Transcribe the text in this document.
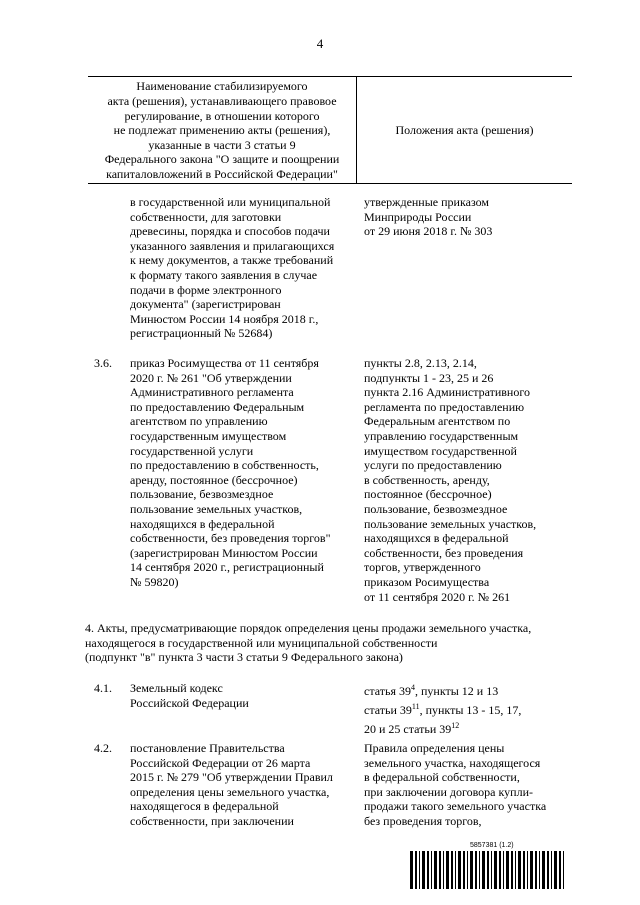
4
Наименование стабилизируемого
акта (решения), устанавливающего правовое
регулирование, в отношении которого
не подлежат применению акты (решения),
указанные в части 3 статьи 9
Федерального закона "О защите и поощрении
капиталовложений в Российской Федерации"
Положения акта (решения)
в государственной или муниципальной
собственности, для заготовки
древесины, порядка и способов подачи
указанного заявления и прилагающихся
к нему документов, а также требований
к формату такого заявления в случае
подачи в форме электронного
документа" (зарегистрирован
Минюстом России 14 ноября 2018 г.,
регистрационный № 52684)
утвержденные приказом
Минприроды России
от 29 июня 2018 г. № 303
3.6. приказ Росимущества от 11 сентября
2020 г. № 261 "Об утверждении
Административного регламента
по предоставлению Федеральным
агентством по управлению
государственным имуществом
государственной услуги
по предоставлению в собственность,
аренду, постоянное (бессрочное)
пользование, безвозмездное
пользование земельных участков,
находящихся в федеральной
собственности, без проведения торгов"
(зарегистрирован Минюстом России
14 сентября 2020 г., регистрационный
№ 59820)
пункты 2.8, 2.13, 2.14,
подпункты 1 - 23, 25 и 26
пункта 2.16 Административного
регламента по предоставлению
Федеральным агентством по
управлению государственным
имуществом государственной
услуги по предоставлению
в собственность, аренду,
постоянное (бессрочное)
пользование, безвозмездное
пользование земельных участков,
находящихся в федеральной
собственности, без проведения
торгов, утвержденного
приказом Росимущества
от 11 сентября 2020 г. № 261
4. Акты, предусматривающие порядок определения цены продажи земельного участка,
находящегося в государственной или муниципальной собственности
(подпункт "в" пункта 3 части 3 статьи 9 Федерального закона)
4.1. Земельный кодекс
Российской Федерации
статья $39^4$, пункты 12 и 13
статьи $39^{11}$, пункты 13 - 15, 17,
20 и 25 статьи $39^{12}$
4.2. постановление Правительства
Российской Федерации от 26 марта
2015 г. № 279 "Об утверждении Правил
определения цены земельного участка,
находящегося в федеральной
собственности, при заключении
Правила определения цены
земельного участка, находящегося
в федеральной собственности,
при заключении договора купли-
продажи такого земельного участка
без проведения торгов,
5857381 (1.2)
